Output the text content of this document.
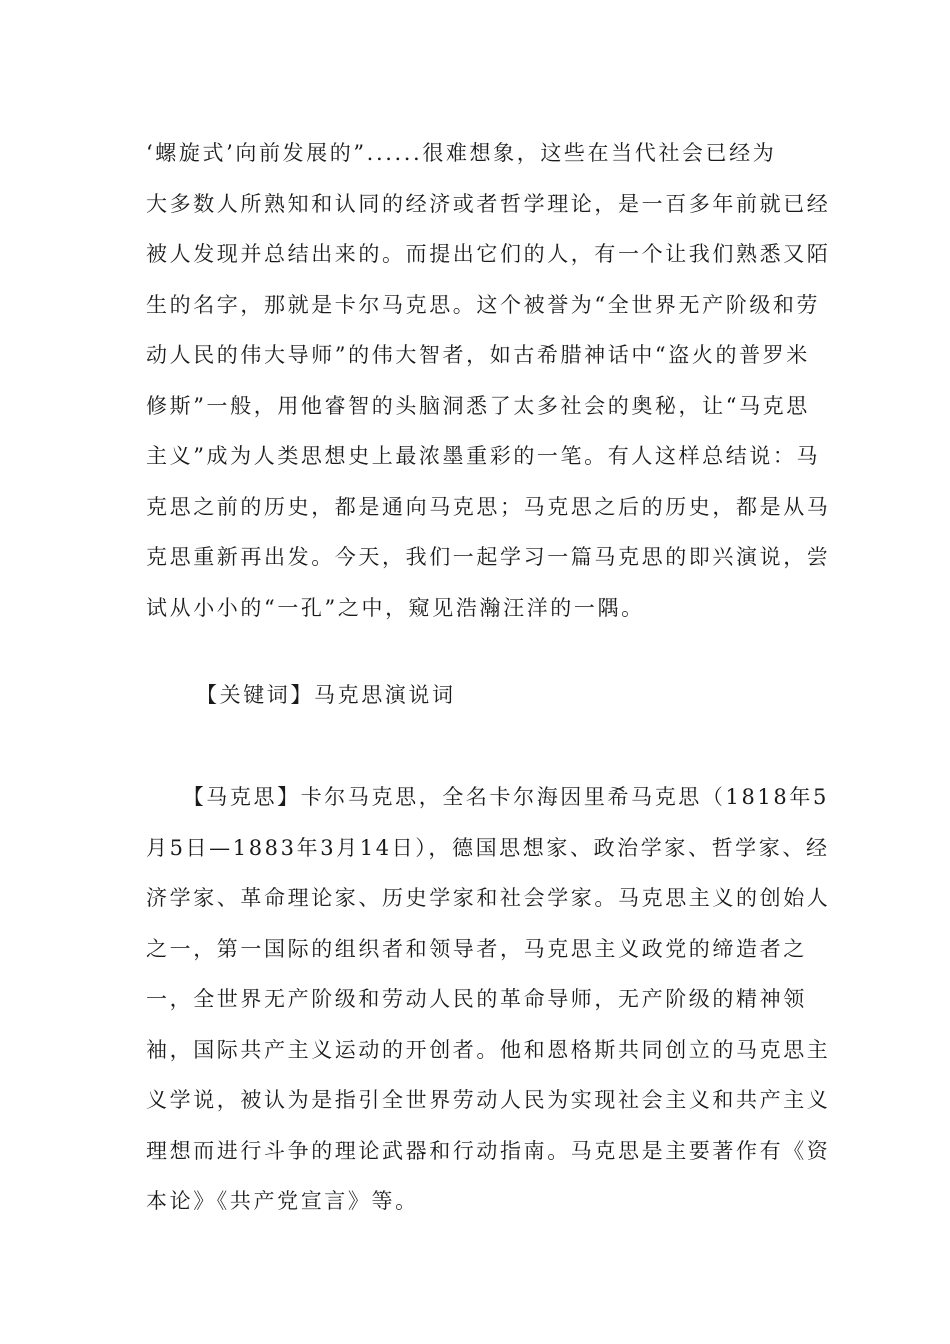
‘螺旋式’向前发展的”......很难想象，这些在当代社会已经为
大多数人所熟知和认同的经济或者哲学理论，是一百多年前就已经
被人发现并总结出来的。而提出它们的人，有一个让我们熟悉又陌
生的名字，那就是卡尔马克思。这个被誉为“全世界无产阶级和劳
动人民的伟大导师”的伟大智者，如古希腊神话中“盗火的普罗米
修斯”一般，用他睿智的头脑洞悉了太多社会的奥秘，让“马克思
主义”成为人类思想史上最浓墨重彩的一笔。有人这样总结说：马
克思之前的历史，都是通向马克思；马克思之后的历史，都是从马
克思重新再出发。今天，我们一起学习一篇马克思的即兴演说，尝
试从小小的“一孔”之中，窥见浩瀚汪洋的一隅。

【关键词】马克思演说词

　　【马克思】卡尔马克思，全名卡尔海因里希马克思（1818年5
月5日—1883年3月14日），德国思想家、政治学家、哲学家、经
济学家、革命理论家、历史学家和社会学家。马克思主义的创始人
之一，第一国际的组织者和领导者，马克思主义政党的缔造者之
一，全世界无产阶级和劳动人民的革命导师，无产阶级的精神领
袖，国际共产主义运动的开创者。他和恩格斯共同创立的马克思主
义学说，被认为是指引全世界劳动人民为实现社会主义和共产主义
理想而进行斗争的理论武器和行动指南。马克思是主要著作有《资
本论》《共产党宣言》等。
